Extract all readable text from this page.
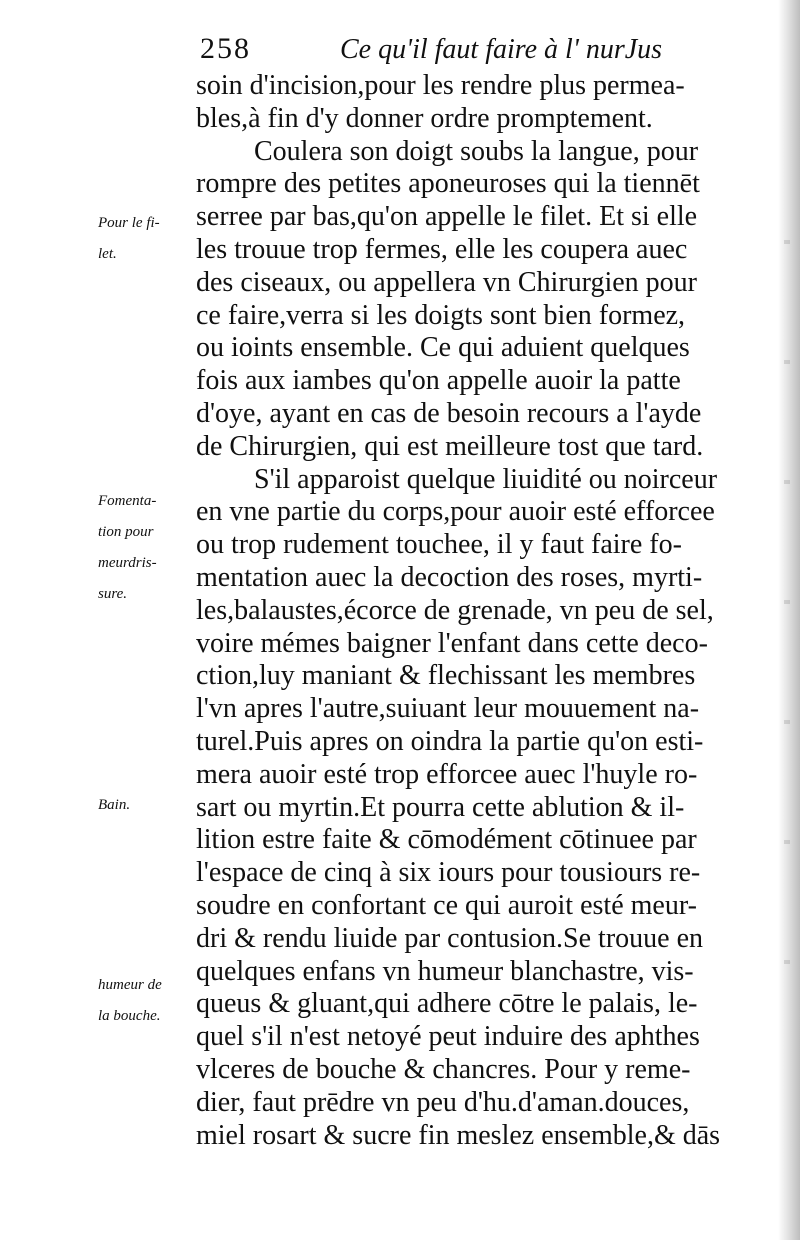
258	Ce qu'il faut faire à l' nurJus
Pour le fi-
let.
Fomenta-
tion pour
meurdris-
sure.
Bain.
humeur de
la bouche.
soin d'incision,pour les rendre plus permea-
bles,à fin d'y donner ordre promptement.
Coulera son doigt soubs la langue, pour
rompre des petites aponeuroses qui la tiennēt
serree par bas,qu'on appelle le filet. Et si elle
les trouue trop fermes, elle les coupera auec
des ciseaux, ou appellera vn Chirurgien pour
ce faire,verra si les doigts sont bien formez,
ou ioints ensemble. Ce qui aduient quelques
fois aux iambes qu'on appelle auoir la patte
d'oye, ayant en cas de besoin recours a l'ayde
de Chirurgien, qui est meilleure tost que tard.
S'il apparoist quelque liuidité ou noirceur
en vne partie du corps,pour auoir esté efforcee
ou trop rudement touchee, il y faut faire fo-
mentation auec la decoction des roses, myrti-
les,balaustes,écorce de grenade, vn peu de sel,
voire mémes baigner l'enfant dans cette deco-
ction,luy maniant & flechissant les membres
l'vn apres l'autre,suiuant leur mouuement na-
turel.Puis apres on oindra la partie qu'on esti-
mera auoir esté trop efforcee auec l'huyle ro-
sart ou myrtin.Et pourra cette ablution & il-
lition estre faite & cōmodément cōtinuee par
l'espace de cinq à six iours pour tousiours re-
soudre en confortant ce qui auroit esté meur-
dri & rendu liuide par contusion.Se trouue en
quelques enfans vn humeur blanchastre, vis-
queus & gluant,qui adhere cōtre le palais, le-
quel s'il n'est netoyé peut induire des aphthes
vlceres de bouche & chancres. Pour y reme-
dier, faut prēdre vn peu d'hu.d'aman.douces,
miel rosart & sucre fin meslez ensemble,& dās
